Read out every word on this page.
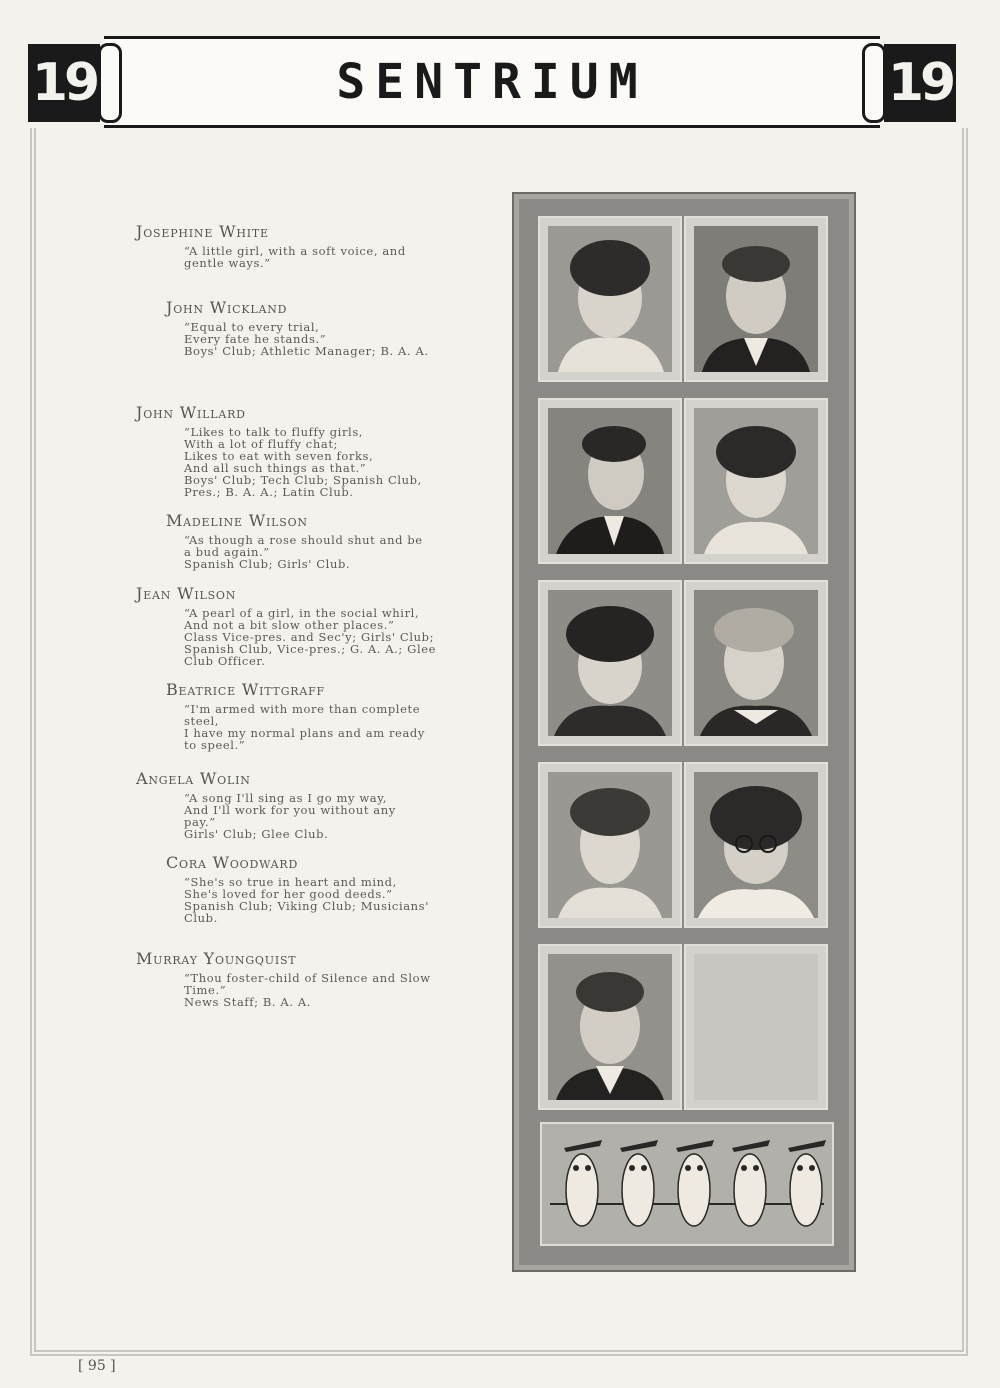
19	SENTRIUM	19
Josephine White
“A little girl, with a soft voice, and
gentle ways.”
John Wickland
“Equal to every trial,
Every fate he stands.”
Boys' Club; Athletic Manager; B. A. A.
John Willard
“Likes to talk to fluffy girls,
With a lot of fluffy chat;
Likes to eat with seven forks,
And all such things as that.”
Boys' Club; Tech Club; Spanish Club,
Pres.; B. A. A.; Latin Club.
Madeline Wilson
“As though a rose should shut and be
a bud again.”
Spanish Club; Girls' Club.
Jean Wilson
“A pearl of a girl, in the social whirl,
And not a bit slow other places.”
Class Vice-pres. and Sec'y; Girls' Club;
Spanish Club, Vice-pres.; G. A. A.; Glee
Club Officer.
Beatrice Wittgraff
“I'm armed with more than complete
steel,
I have my normal plans and am ready
to speel.”
Angela Wolin
“A song I'll sing as I go my way,
And I'll work for you without any
pay.”
Girls' Club; Glee Club.
Cora Woodward
“She's so true in heart and mind,
She's loved for her good deeds.”
Spanish Club; Viking Club; Musicians'
Club.
Murray Youngquist
“Thou foster-child of Silence and Slow
Time.”
News Staff; B. A. A.
[ 95 ]
